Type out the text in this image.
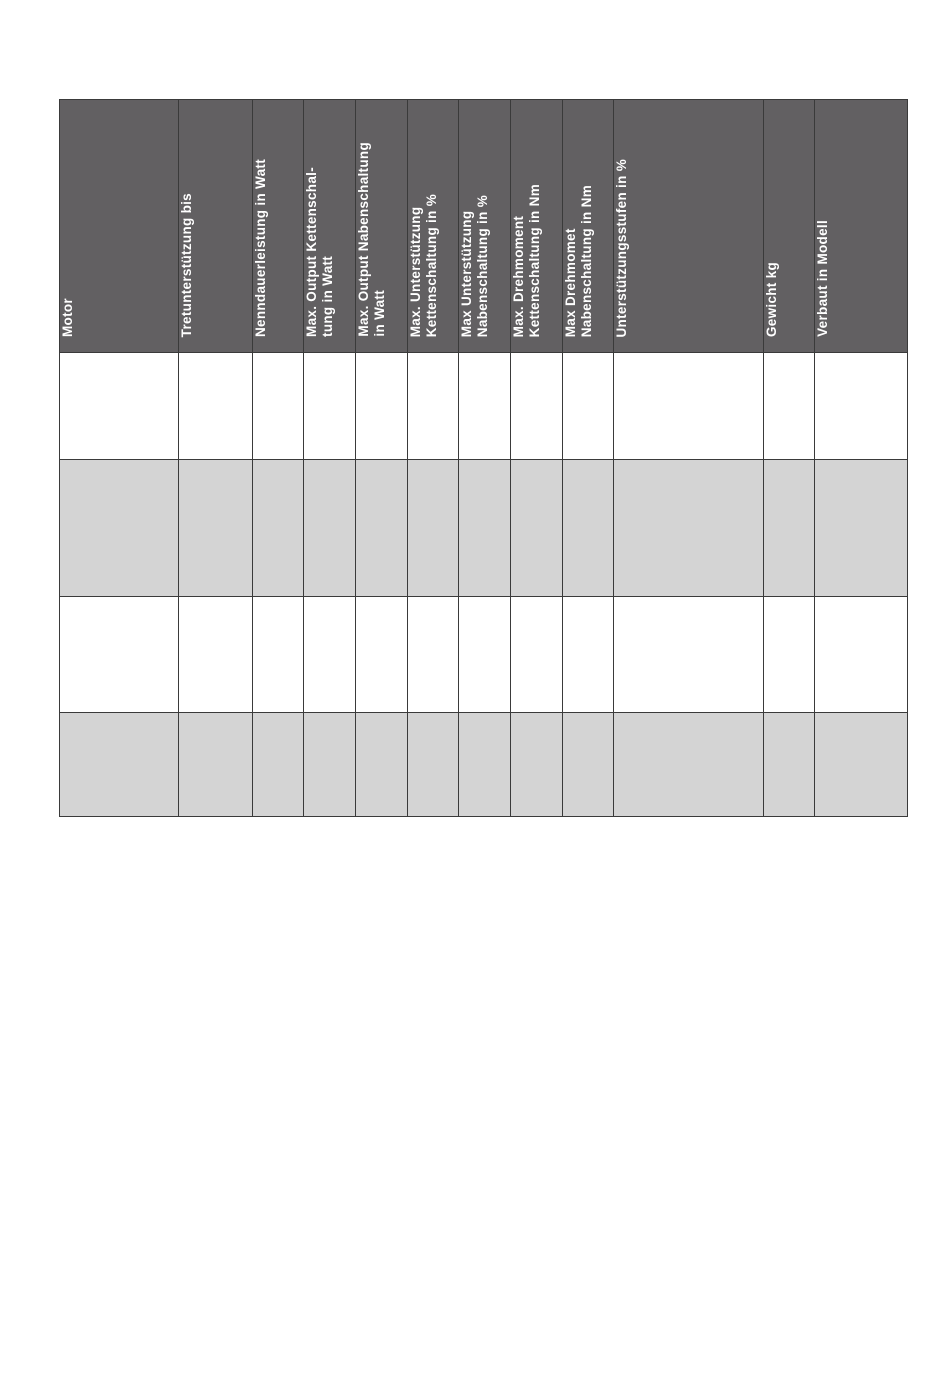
Motor	Tretunterstützung bis	Nenndauerleistung in Watt	Max. Output Kettenschal-
tung in Watt	Max. Output Nabenschaltung
in Watt	Max. Unterstützung
Kettenschaltung in %	Max Unterstützung
Nabenschaltung in %	Max. Drehmoment
Kettenschaltung in Nm	Max Drehmomet
Nabenschaltung in Nm	Unterstützungsstufen in %	Gewicht kg	Verbaut in Modell
